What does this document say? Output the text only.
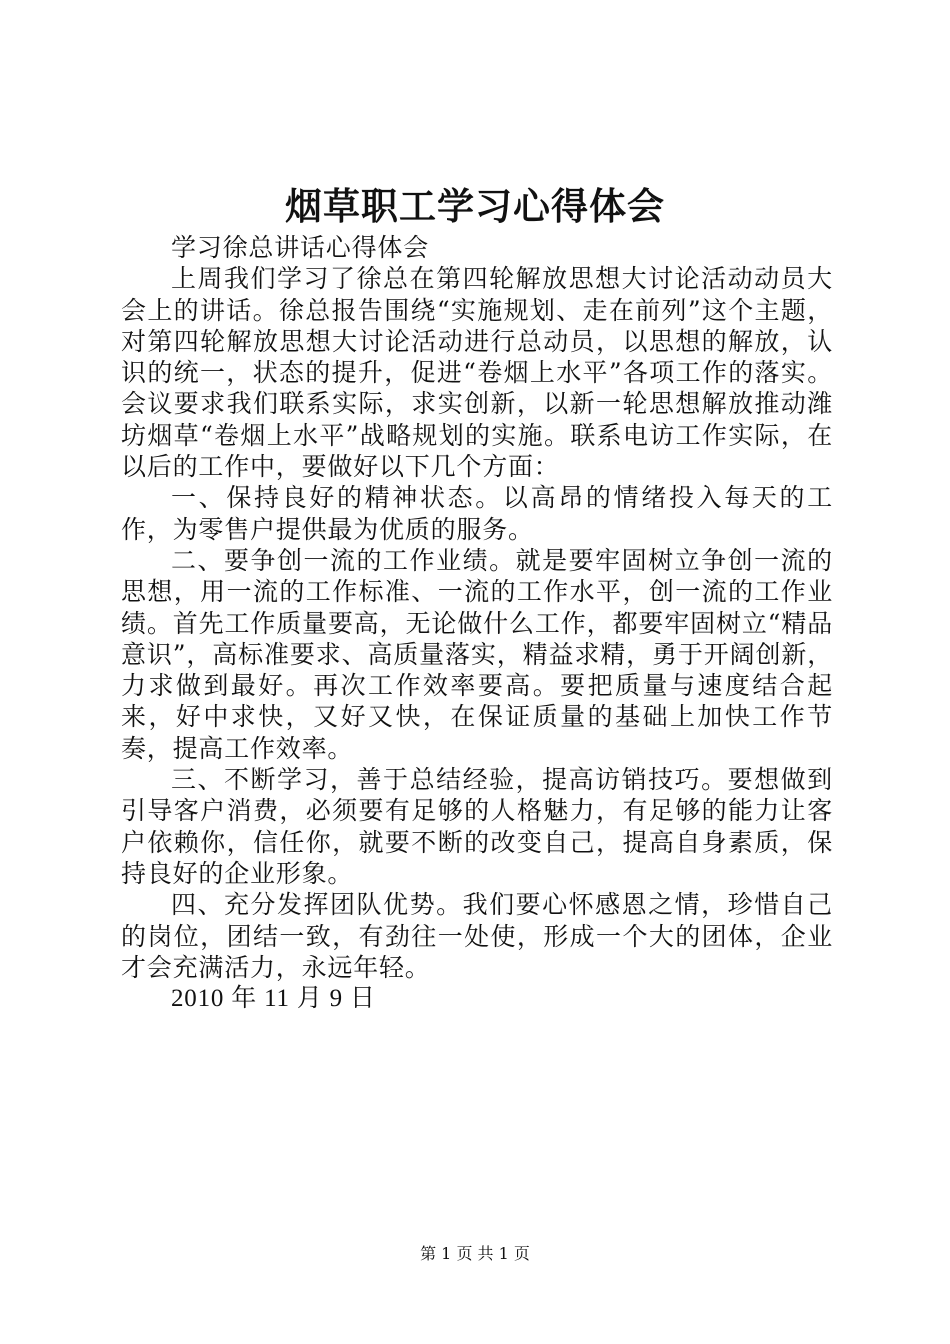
烟草职工学习心得体会

学习徐总讲话心得体会

上周我们学习了徐总在第四轮解放思想大讨论活动动员大会上的讲话。徐总报告围绕“实施规划、走在前列”这个主题，对第四轮解放思想大讨论活动进行总动员，以思想的解放，认识的统一，状态的提升，促进“卷烟上水平”各项工作的落实。会议要求我们联系实际，求实创新，以新一轮思想解放推动潍坊烟草“卷烟上水平”战略规划的实施。联系电访工作实际，在以后的工作中，要做好以下几个方面：

一、保持良好的精神状态。以高昂的情绪投入每天的工作，为零售户提供最为优质的服务。

二、要争创一流的工作业绩。就是要牢固树立争创一流的思想，用一流的工作标准、一流的工作水平，创一流的工作业绩。首先工作质量要高，无论做什么工作，都要牢固树立“精品意识”，高标准要求、高质量落实，精益求精，勇于开阔创新，力求做到最好。再次工作效率要高。要把质量与速度结合起来，好中求快，又好又快，在保证质量的基础上加快工作节奏，提高工作效率。

三、不断学习，善于总结经验，提高访销技巧。要想做到引导客户消费，必须要有足够的人格魅力，有足够的能力让客户依赖你，信任你，就要不断的改变自己，提高自身素质，保持良好的企业形象。

四、充分发挥团队优势。我们要心怀感恩之情，珍惜自己的岗位，团结一致，有劲往一处使，形成一个大的团体，企业才会充满活力，永远年轻。

2010 年 11 月 9 日

第 1 页 共 1 页
